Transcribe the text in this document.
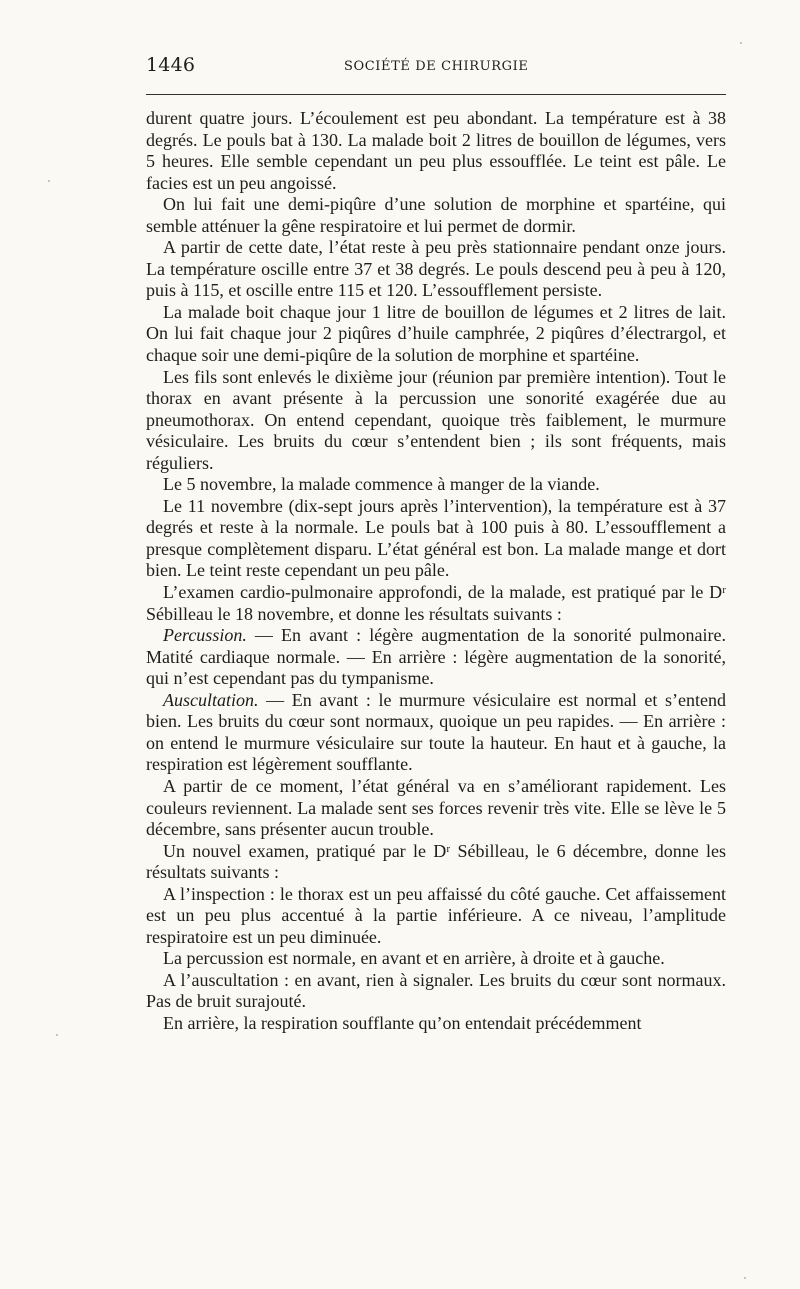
1446	SOCIÉTÉ DE CHIRURGIE

durent quatre jours. L’écoulement est peu abondant. La température est à 38 degrés. Le pouls bat à 130. La malade boit 2 litres de bouillon de légumes, vers 5 heures. Elle semble cependant un peu plus essoufflée. Le teint est pâle. Le facies est un peu angoissé.

On lui fait une demi-piqûre d’une solution de morphine et spartéine, qui semble atténuer la gêne respiratoire et lui permet de dormir.

A partir de cette date, l’état reste à peu près stationnaire pendant onze jours. La température oscille entre 37 et 38 degrés. Le pouls descend peu à peu à 120, puis à 115, et oscille entre 115 et 120. L’essoufflement persiste.

La malade boit chaque jour 1 litre de bouillon de légumes et 2 litres de lait. On lui fait chaque jour 2 piqûres d’huile camphrée, 2 piqûres d’électrargol, et chaque soir une demi-piqûre de la solution de morphine et spartéine.

Les fils sont enlevés le dixième jour (réunion par première intention). Tout le thorax en avant présente à la percussion une sonorité exagérée due au pneumothorax. On entend cependant, quoique très faiblement, le murmure vésiculaire. Les bruits du cœur s’entendent bien ; ils sont fréquents, mais réguliers.

Le 5 novembre, la malade commence à manger de la viande.

Le 11 novembre (dix-sept jours après l’intervention), la température est à 37 degrés et reste à la normale. Le pouls bat à 100 puis à 80. L’essoufflement a presque complètement disparu. L’état général est bon. La malade mange et dort bien. Le teint reste cependant un peu pâle.

L’examen cardio-pulmonaire approfondi, de la malade, est pratiqué par le Dʳ Sébilleau le 18 novembre, et donne les résultats suivants :

Percussion. — En avant : légère augmentation de la sonorité pulmonaire. Matité cardiaque normale. — En arrière : légère augmentation de la sonorité, qui n’est cependant pas du tympanisme.

Auscultation. — En avant : le murmure vésiculaire est normal et s’entend bien. Les bruits du cœur sont normaux, quoique un peu rapides. — En arrière : on entend le murmure vésiculaire sur toute la hauteur. En haut et à gauche, la respiration est légèrement soufflante.

A partir de ce moment, l’état général va en s’améliorant rapidement. Les couleurs reviennent. La malade sent ses forces revenir très vite. Elle se lève le 5 décembre, sans présenter aucun trouble.

Un nouvel examen, pratiqué par le Dʳ Sébilleau, le 6 décembre, donne les résultats suivants :

A l’inspection : le thorax est un peu affaissé du côté gauche. Cet affaissement est un peu plus accentué à la partie inférieure. A ce niveau, l’amplitude respiratoire est un peu diminuée.

La percussion est normale, en avant et en arrière, à droite et à gauche.

A l’auscultation : en avant, rien à signaler. Les bruits du cœur sont normaux. Pas de bruit surajouté.

En arrière, la respiration soufflante qu’on entendait précédemment
